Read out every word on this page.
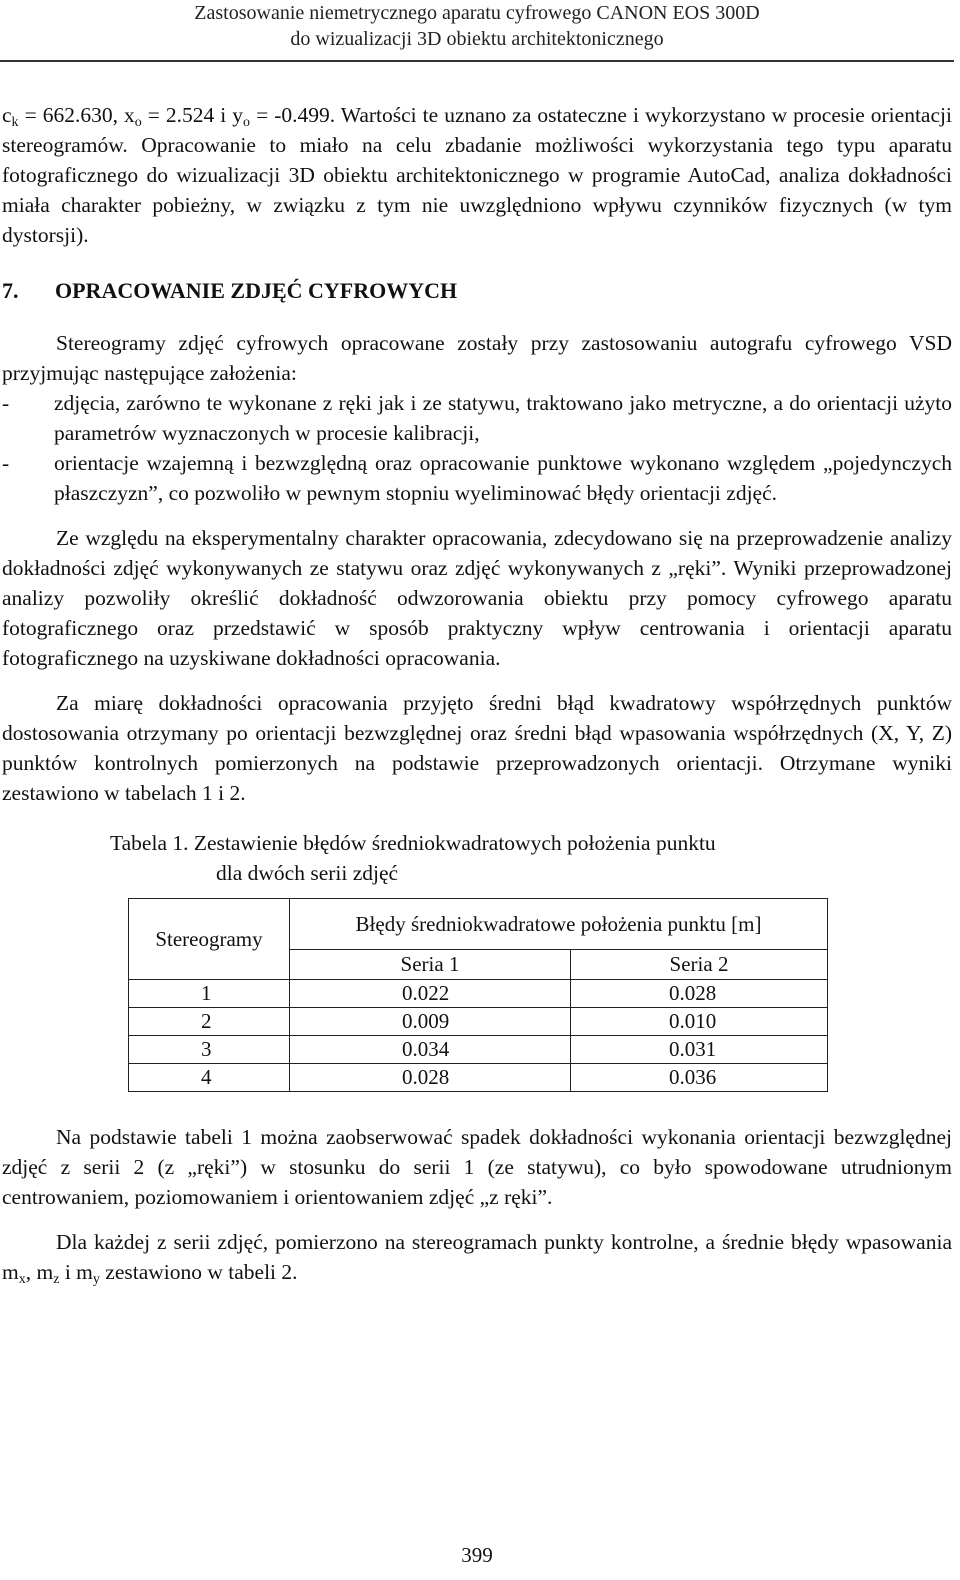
Zastosowanie niemetrycznego aparatu cyfrowego CANON EOS 300D
do wizualizacji 3D obiektu architektonicznego

$c_k = 662.630$, $x_o = 2.524$ i $y_o = -0.499$. Wartości te uznano za ostateczne i wykorzystano w procesie orientacji stereogramów. Opracowanie to miało na celu zbadanie możliwości wykorzystania tego typu aparatu fotograficznego do wizualizacji 3D obiektu architektonicznego w programie AutoCad, analiza dokładności miała charakter pobieżny, w związku z tym nie uwzględniono wpływu czynników fizycznych (w tym dystorsji).

7. OPRACOWANIE ZDJĘĆ CYFROWYCH

Stereogramy zdjęć cyfrowych opracowane zostały przy zastosowaniu autografu cyfrowego VSD przyjmując następujące założenia:

- zdjęcia, zarówno te wykonane z ręki jak i ze statywu, traktowano jako metryczne, a do orientacji użyto parametrów wyznaczonych w procesie kalibracji,
- orientacje wzajemną i bezwzględną oraz opracowanie punktowe wykonano względem „pojedynczych płaszczyzn”, co pozwoliło w pewnym stopniu wyeliminować błędy orientacji zdjęć.

Ze względu na eksperymentalny charakter opracowania, zdecydowano się na przeprowadzenie analizy dokładności zdjęć wykonywanych ze statywu oraz zdjęć wykonywanych z „ręki”. Wyniki przeprowadzonej analizy pozwoliły określić dokładność odwzorowania obiektu przy pomocy cyfrowego aparatu fotograficznego oraz przedstawić w sposób praktyczny wpływ centrowania i orientacji aparatu fotograficznego na uzyskiwane dokładności opracowania.

Za miarę dokładności opracowania przyjęto średni błąd kwadratowy współrzędnych punktów dostosowania otrzymany po orientacji bezwzględnej oraz średni błąd wpasowania współrzędnych (X, Y, Z) punktów kontrolnych pomierzonych na podstawie przeprowadzonych orientacji. Otrzymane wyniki zestawiono w tabelach 1 i 2.

Tabela 1. Zestawienie błędów średniokwadratowych położenia punktu
dla dwóch serii zdjęć
Stereogramy	Błędy średniokwadratowe położenia punktu [m]	
	Seria 1	Seria 2
1	0.022	0.028
2	0.009	0.010
3	0.034	0.031
4	0.028	0.036

Na podstawie tabeli 1 można zaobserwować spadek dokładności wykonania orientacji bezwzględnej zdjęć z serii 2 (z „ręki”) w stosunku do serii 1 (ze statywu), co było spowodowane utrudnionym centrowaniem, poziomowaniem i orientowaniem zdjęć „z ręki”.

Dla każdej z serii zdjęć, pomierzono na stereogramach punkty kontrolne, a średnie błędy wpasowania $m_x$, $m_z$ i $m_y$ zestawiono w tabeli 2.

399
